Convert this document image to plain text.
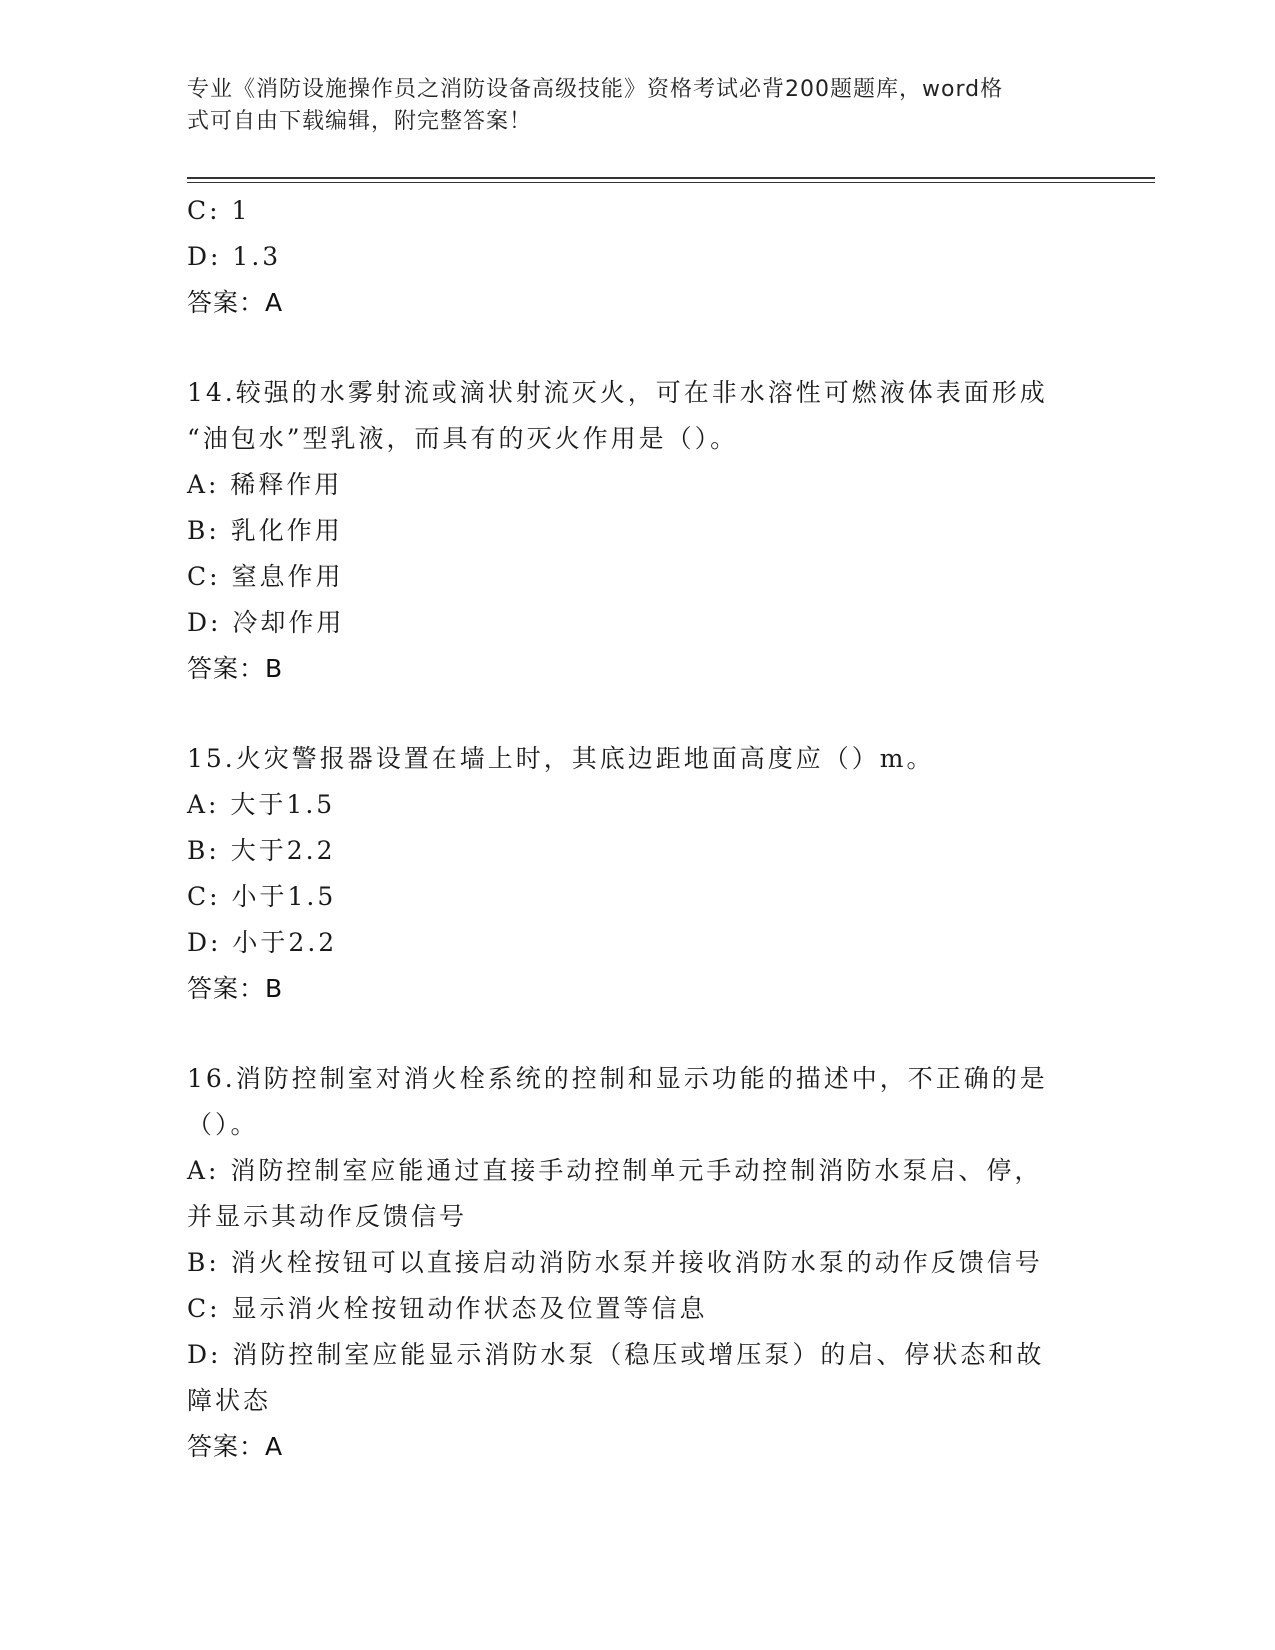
专业《消防设施操作员之消防设备高级技能》资格考试必背200题题库，word格
式可自由下载编辑，附完整答案！
C: 1
D: 1.3
答案：A
14.较强的水雾射流或滴状射流灭火，可在非水溶性可燃液体表面形成
“油包水”型乳液，而具有的灭火作用是（）。
A: 稀释作用
B: 乳化作用
C: 窒息作用
D: 冷却作用
答案：B
15.火灾警报器设置在墙上时，其底边距地面高度应（）m。
A: 大于1.5
B: 大于2.2
C: 小于1.5
D: 小于2.2
答案：B
16.消防控制室对消火栓系统的控制和显示功能的描述中，不正确的是
（）。
A: 消防控制室应能通过直接手动控制单元手动控制消防水泵启、停，
并显示其动作反馈信号
B: 消火栓按钮可以直接启动消防水泵并接收消防水泵的动作反馈信号
C: 显示消火栓按钮动作状态及位置等信息
D: 消防控制室应能显示消防水泵（稳压或增压泵）的启、停状态和故
障状态
答案：A
